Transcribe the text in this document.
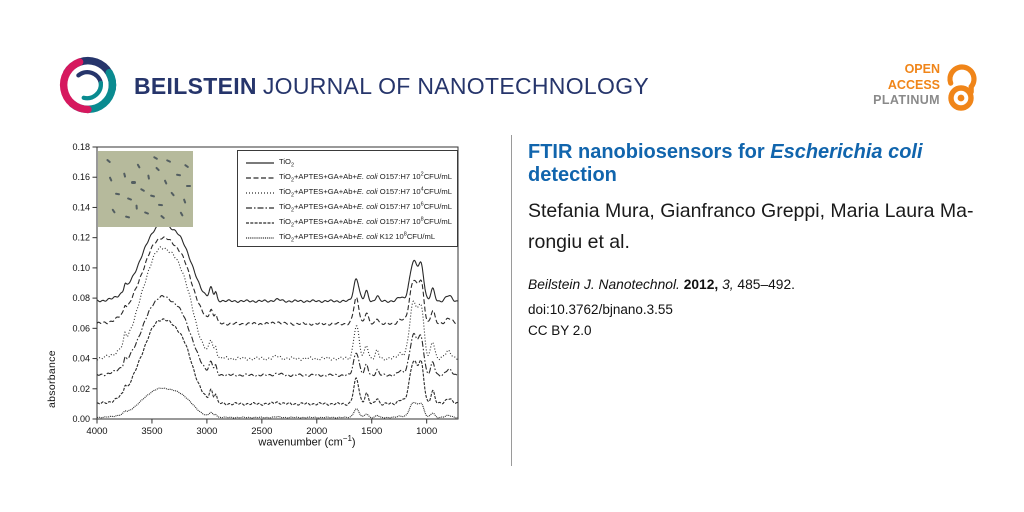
BEILSTEIN JOURNAL OF NANOTECHNOLOGY
OPEN
ACCESS
PLATINUM
0.00
0.02
0.04
0.06
0.08
0.10
0.12
0.14
0.16
0.18
4000	3500	3000	2500	2000	1500	1000
absorbance
wavenumber $(cm^{-1})$
TiO$_2$
TiO$_2$+APTES+GA+Ab+E. coli O157:H7 $10^2CFU/mL$
TiO$_2$+APTES+GA+Ab+E. coli O157:H7 $10^4CFU/mL$
TiO$_2$+APTES+GA+Ab+E. coli O157:H7 $10^6CFU/mL$
TiO$_2$+APTES+GA+Ab+E. coli O157:H7 $10^8CFU/mL$
TiO$_2$+APTES+GA+Ab+E. coli K12 $10^8CFU/mL$
FTIR nanobiosensors for Escherichia coli
detection

Stefania Mura, Gianfranco Greppi, Maria Laura Ma-
rongiu et al.

Beilstein J. Nanotechnol. 2012, 3, 485–492.

doi:10.3762/bjnano.3.55

CC BY 2.0
